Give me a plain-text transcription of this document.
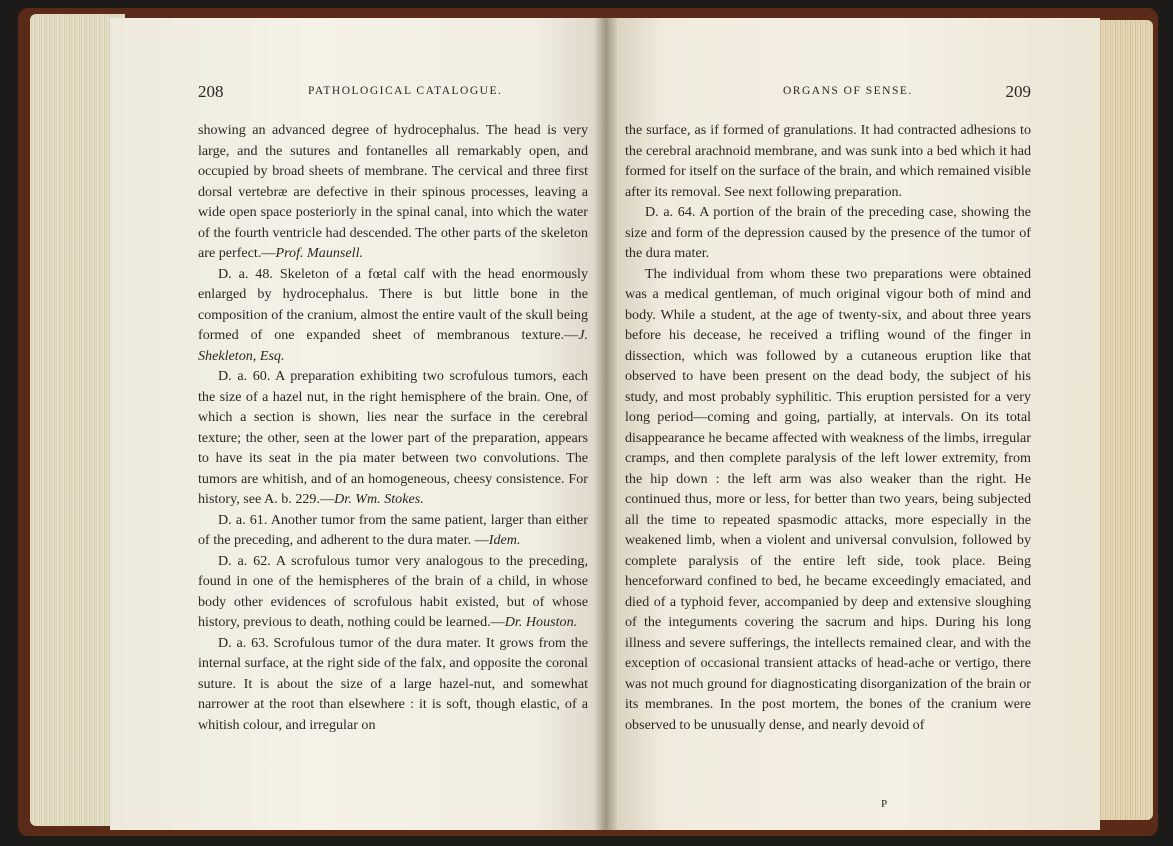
208	PATHOLOGICAL CATALOGUE.

showing an advanced degree of hydrocephalus. The head is very large, and the sutures and fontanelles all remarkably open, and occupied by broad sheets of membrane. The cervical and three first dorsal vertebræ are defective in their spinous processes, leaving a wide open space posteriorly in the spinal canal, into which the water of the fourth ventricle had descended. The other parts of the skeleton are perfect.—Prof. Maunsell.

D. a. 48. Skeleton of a fœtal calf with the head enormously enlarged by hydrocephalus. There is but little bone in the composition of the cranium, almost the entire vault of the skull being formed of one expanded sheet of membranous texture.—J. Shekleton, Esq.

D. a. 60. A preparation exhibiting two scrofulous tumors, each the size of a hazel nut, in the right hemisphere of the brain. One, of which a section is shown, lies near the surface in the cerebral texture; the other, seen at the lower part of the preparation, appears to have its seat in the pia mater between two convolutions. The tumors are whitish, and of an homogeneous, cheesy consistence. For history, see A. b. 229.—Dr. Wm. Stokes.

D. a. 61. Another tumor from the same patient, larger than either of the preceding, and adherent to the dura mater. —Idem.

D. a. 62. A scrofulous tumor very analogous to the preceding, found in one of the hemispheres of the brain of a child, in whose body other evidences of scrofulous habit existed, but of whose history, previous to death, nothing could be learned.—Dr. Houston.

D. a. 63. Scrofulous tumor of the dura mater. It grows from the internal surface, at the right side of the falx, and opposite the coronal suture. It is about the size of a large hazel-nut, and somewhat narrower at the root than elsewhere : it is soft, though elastic, of a whitish colour, and irregular on

ORGANS OF SENSE.	209

the surface, as if formed of granulations. It had contracted adhesions to the cerebral arachnoid membrane, and was sunk into a bed which it had formed for itself on the surface of the brain, and which remained visible after its removal. See next following preparation.

D. a. 64. A portion of the brain of the preceding case, showing the size and form of the depression caused by the presence of the tumor of the dura mater.

The individual from whom these two preparations were obtained was a medical gentleman, of much original vigour both of mind and body. While a student, at the age of twenty-six, and about three years before his decease, he received a trifling wound of the finger in dissection, which was followed by a cutaneous eruption like that observed to have been present on the dead body, the subject of his study, and most probably syphilitic. This eruption persisted for a very long period—coming and going, partially, at intervals. On its total disappearance he became affected with weakness of the limbs, irregular cramps, and then complete paralysis of the left lower extremity, from the hip down : the left arm was also weaker than the right. He continued thus, more or less, for better than two years, being subjected all the time to repeated spasmodic attacks, more especially in the weakened limb, when a violent and universal convulsion, followed by complete paralysis of the entire left side, took place. Being henceforward confined to bed, he became exceedingly emaciated, and died of a typhoid fever, accompanied by deep and extensive sloughing of the integuments covering the sacrum and hips. During his long illness and severe sufferings, the intellects remained clear, and with the exception of occasional transient attacks of head-ache or vertigo, there was not much ground for diagnosticating disorganization of the brain or its membranes. In the post mortem, the bones of the cranium were observed to be unusually dense, and nearly devoid of

P
